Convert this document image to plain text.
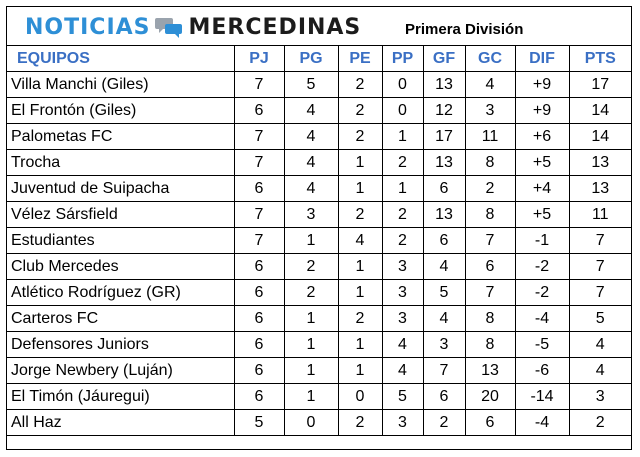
NOTICIAS MERCEDINAS	Primera División
EQUIPOS	PJ	PG	PE	PP	GF	GC	DIF	PTS
Villa Manchi (Giles)	7	5	2	0	13	4	+9	17
El Frontón (Giles)	6	4	2	0	12	3	+9	14
Palometas FC	7	4	2	1	17	11	+6	14
Trocha	7	4	1	2	13	8	+5	13
Juventud de Suipacha	6	4	1	1	6	2	+4	13
Vélez Sársfield	7	3	2	2	13	8	+5	11
Estudiantes	7	1	4	2	6	7	-1	7
Club Mercedes	6	2	1	3	4	6	-2	7
Atlético Rodríguez (GR)	6	2	1	3	5	7	-2	7
Carteros FC	6	1	2	3	4	8	-4	5
Defensores Juniors	6	1	1	4	3	8	-5	4
Jorge Newbery (Luján)	6	1	1	4	7	13	-6	4
El Timón (Jáuregui)	6	1	0	5	6	20	-14	3
All Haz	5	0	2	3	2	6	-4	2
